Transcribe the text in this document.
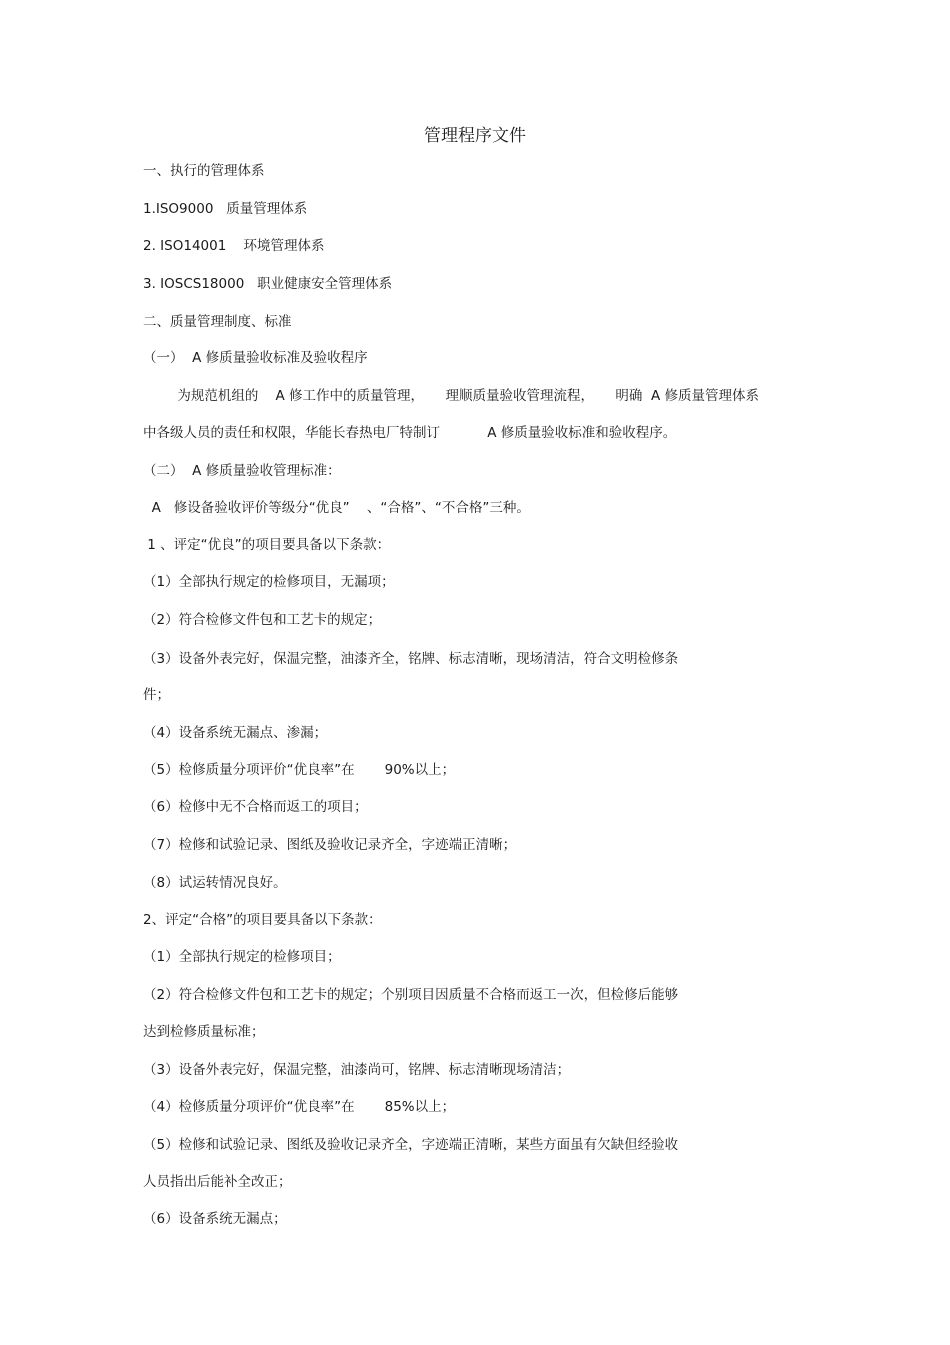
管理程序文件
一、执行的管理体系
1.ISO9000   质量管理体系
2. ISO14001    环境管理体系
3. IOSCS18000   职业健康安全管理体系
二、质量管理制度、标准
（一）  A 修质量验收标准及验收程序
为规范机组的    A 修工作中的质量管理，     理顺质量验收管理流程，     明确  A 修质量管理体系
中各级人员的责任和权限，华能长春热电厂特制订           A 修质量验收标准和验收程序。
（二）  A 修质量验收管理标准：
A   修设备验收评价等级分“优良”    、“合格”、“不合格”三种。
1 、评定“优良”的项目要具备以下条款：
（1）全部执行规定的检修项目，无漏项；
（2）符合检修文件包和工艺卡的规定；
（3）设备外表完好，保温完整，油漆齐全，铭牌、标志清晰，现场清洁，符合文明检修条
件；
（4）设备系统无漏点、渗漏；
（5）检修质量分项评价“优良率”在       90%以上；
（6）检修中无不合格而返工的项目；
（7）检修和试验记录、图纸及验收记录齐全，字迹端正清晰；
（8）试运转情况良好。
2、评定“合格”的项目要具备以下条款：
（1）全部执行规定的检修项目；
（2）符合检修文件包和工艺卡的规定；个别项目因质量不合格而返工一次，但检修后能够
达到检修质量标准；
（3）设备外表完好，保温完整，油漆尚可，铭牌、标志清晰现场清洁；
（4）检修质量分项评价“优良率”在       85%以上；
（5）检修和试验记录、图纸及验收记录齐全，字迹端正清晰，某些方面虽有欠缺但经验收
人员指出后能补全改正；
（6）设备系统无漏点；
